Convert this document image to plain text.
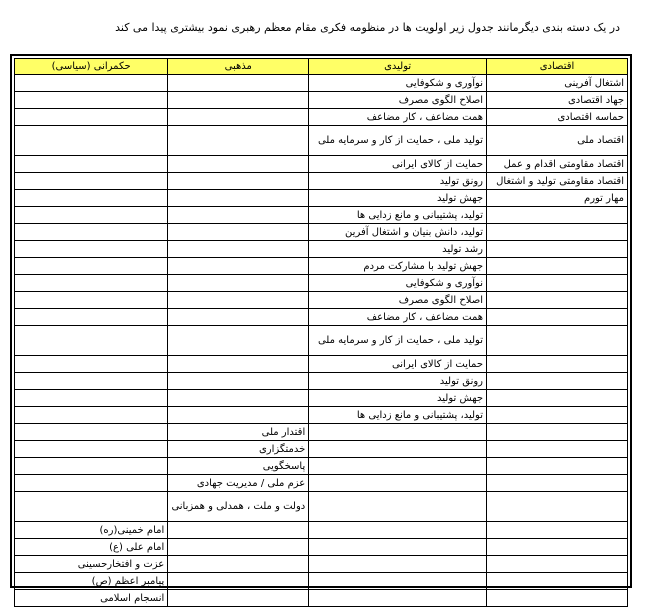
در یک دسته بندی دیگرمانند جدول زیر اولویت ها در منظومه فکری مقام معظم رهبری نمود بیشتری پیدا می کند
اقتصادی	تولیدی	مذهبی	حکمرانی (سیاسی)
اشتغال آفرینی	نوآوری و شکوفایی		
جهاد اقتصادی	اصلاح الگوی مصرف		
حماسه اقتصادی	همت مضاعف ، کار مضاعف		
اقتصاد ملی	تولید ملی ، حمایت از کار و سرمایه ملی		
اقتصاد مقاومتی اقدام و عمل	حمایت از کالای ایرانی		
اقتصاد مقاومتی تولید و اشتغال	رونق تولید		
مهار تورم	جهش تولید		
	تولید، پشتیبانی و مانع زدایی ها		
	تولید، دانش بنیان و اشتغال آفرین		
	رشد تولید		
	جهش تولید با مشارکت مردم		
	نوآوری و شکوفایی		
	اصلاح الگوی مصرف		
	همت مضاعف ، کار مضاعف		
	تولید ملی ، حمایت از کار و سرمایه ملی		
	حمایت از کالای ایرانی		
	رونق تولید		
	جهش تولید		
	تولید، پشتیبانی و مانع زدایی ها		
		اقتدار ملی	
		خدمتگزاری	
		پاسخگویی	
		عزم ملی / مدیریت جهادی	
		دولت و ملت ، همدلی و همزبانی	
			امام خمینی(ره)
			امام علی (ع)
			عزت و افتخارحسینی
			پیامبر اعظم (ص)
			انسجام اسلامی
